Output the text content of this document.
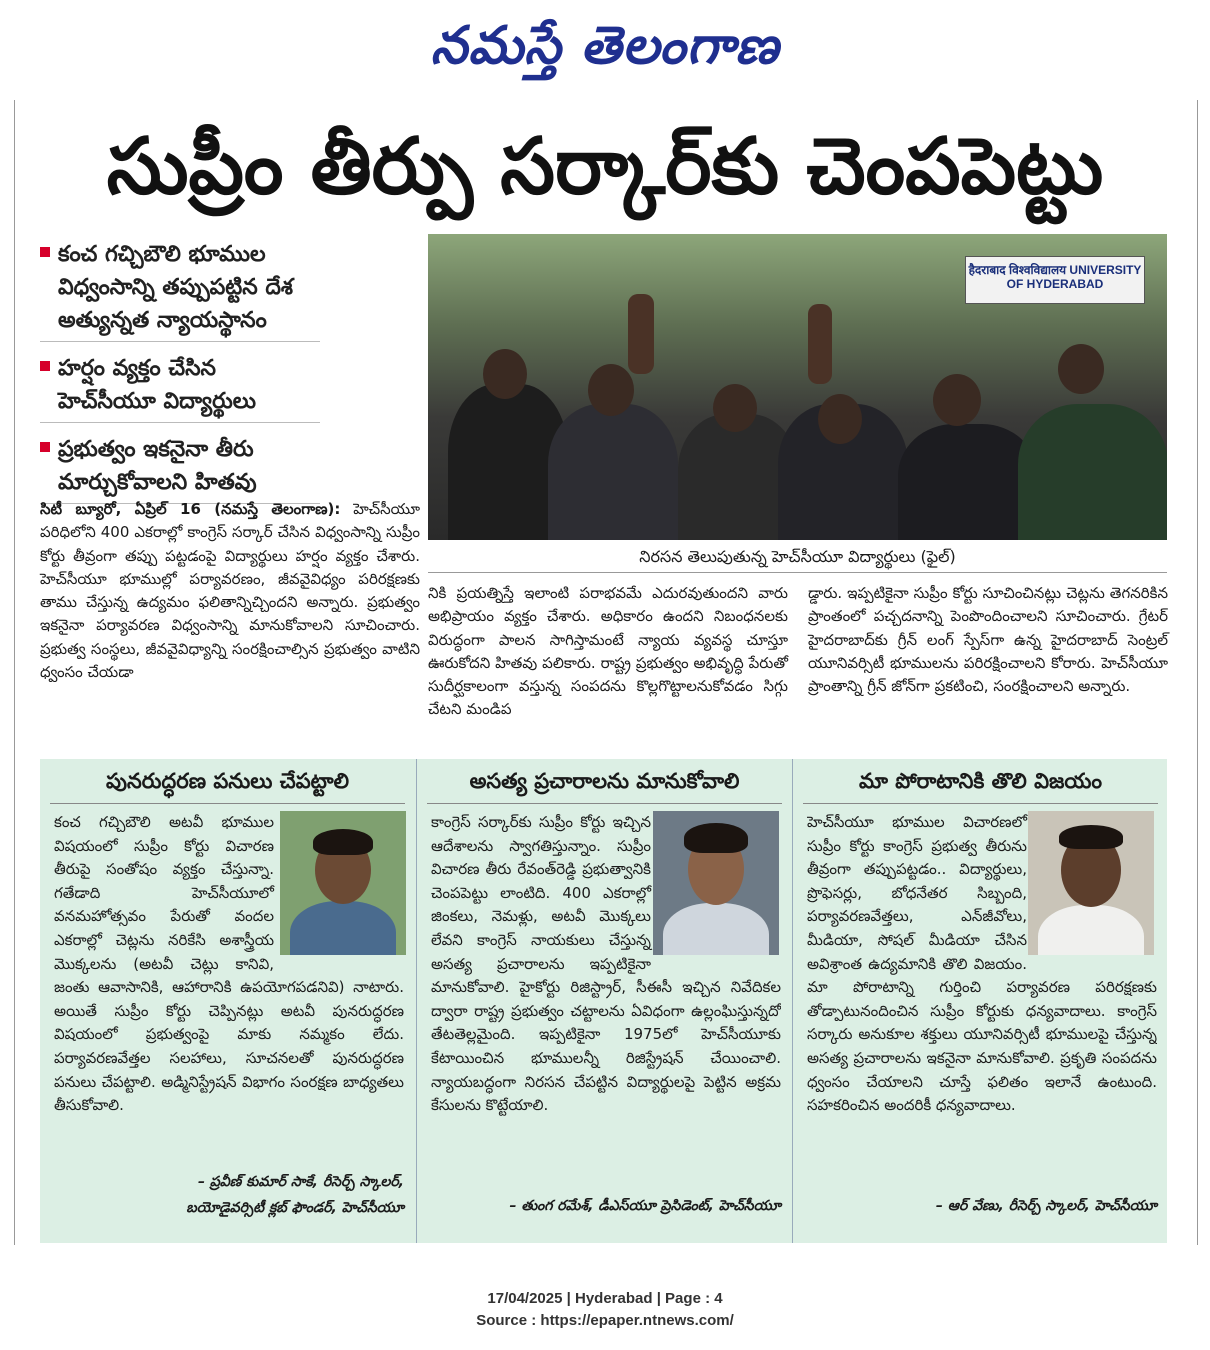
నమస్తే తెలంగాణ
సుప్రీం తీర్పు సర్కార్‌కు చెంపపెట్టు
కంచ గచ్చిబౌలి భూముల విధ్వంసాన్ని తప్పుపట్టిన దేశ అత్యున్నత న్యాయస్థానం
హర్షం వ్యక్తం చేసిన హెచ్‌సీయూ విద్యార్థులు
ప్రభుత్వం ఇకనైనా తీరు మార్చుకోవాలని హితవు
हैदराबाद विश्वविद्यालय UNIVERSITY OF HYDERABAD
నిరసన తెలుపుతున్న హెచ్‌సీయూ విద్యార్థులు (ఫైల్)
సిటీ బ్యూరో, ఏప్రిల్ 16 (నమస్తే తెలంగాణ): హెచ్‌సీయూ పరిధిలోని 400 ఎకరాల్లో కాంగ్రెస్ సర్కార్ చేసిన విధ్వంసాన్ని సుప్రీం కోర్టు తీవ్రంగా తప్పు పట్టడంపై విద్యార్థులు హర్షం వ్యక్తం చేశారు. హెచ్‌సీయూ భూముల్లో పర్యావరణం, జీవవైవిధ్యం పరిరక్షణకు తాము చేస్తున్న ఉద్యమం ఫలితాన్నిచ్చిందని అన్నారు. ప్రభుత్వం ఇకనైనా పర్యావరణ విధ్వంసాన్ని మానుకోవాలని సూచించారు. ప్రభుత్వ సంస్థలు, జీవవైవిధ్యాన్ని సంరక్షించాల్సిన ప్రభుత్వం వాటిని ధ్వంసం చేయడా
నికి ప్రయత్నిస్తే ఇలాంటి పరాభవమే ఎదురవుతుందని వారు అభిప్రాయం వ్యక్తం చేశారు. అధికారం ఉందని నిబంధనలకు విరుద్ధంగా పాలన సాగిస్తామంటే న్యాయ వ్యవస్థ చూస్తూ ఊరుకోదని హితవు పలికారు. రాష్ట్ర ప్రభుత్వం అభివృద్ధి పేరుతో సుదీర్ఘకాలంగా వస్తున్న సంపదను కొల్లగొట్టాలనుకోవడం సిగ్గు చేటని మండిప
డ్డారు. ఇప్పటికైనా సుప్రీం కోర్టు సూచించినట్లు చెట్లను తెగనరికిన ప్రాంతంలో పచ్చదనాన్ని పెంపొందించాలని సూచించారు. గ్రేటర్ హైదరాబాద్‌కు గ్రీన్ లంగ్ స్పేస్‌గా ఉన్న హైదరాబాద్ సెంట్రల్ యూనివర్సిటీ భూములను పరిరక్షించాలని కోరారు. హెచ్‌సీయూ ప్రాంతాన్ని గ్రీన్ జోన్‌గా ప్రకటించి, సంరక్షించాలని అన్నారు.
పునరుద్ధరణ పనులు చేపట్టాలి
కంచ గచ్చిబౌలి అటవీ భూముల విషయంలో సుప్రీం కోర్టు విచారణ తీరుపై సంతోషం వ్యక్తం చేస్తున్నా. గతేడాది హెచ్‌సీయూలో వనమహోత్సవం పేరుతో వందల ఎకరాల్లో చెట్లను నరికేసి అశాస్త్రీయ మొక్కలను (అటవీ చెట్లు కానివి, జంతు ఆవాసానికి, ఆహారానికి ఉపయోగపడనివి) నాటారు. అయితే సుప్రీం కోర్టు చెప్పినట్లు అటవీ పునరుద్ధరణ విషయంలో ప్రభుత్వంపై మాకు నమ్మకం లేదు. పర్యావరణవేత్తల సలహాలు, సూచనలతో పునరుద్ధరణ పనులు చేపట్టాలి. అడ్మినిస్ట్రేషన్ విభాగం సంరక్షణ బాధ్యతలు తీసుకోవాలి.
– ప్రవీణ్ కుమార్ సాకే, రీసెర్చ్ స్కాలర్,
బయోడైవర్సిటీ క్లబ్ ఫౌండర్, హెచ్‌సీయూ
అసత్య ప్రచారాలను మానుకోవాలి
కాంగ్రెస్ సర్కార్‌కు సుప్రీం కోర్టు ఇచ్చిన ఆదేశాలను స్వాగతిస్తున్నాం. సుప్రీం విచారణ తీరు రేవంత్‌రెడ్డి ప్రభుత్వానికి చెంపపెట్టు లాంటిది. 400 ఎకరాల్లో జింకలు, నెమళ్లు, అటవీ మొక్కలు లేవని కాంగ్రెస్ నాయకులు చేస్తున్న అసత్య ప్రచారాలను ఇప్పటికైనా మానుకోవాలి. హైకోర్టు రిజిస్ట్రార్, సీఈసీ ఇచ్చిన నివేదికల ద్వారా రాష్ట్ర ప్రభుత్వం చట్టాలను ఏవిధంగా ఉల్లంఘిస్తున్నదో తేటతెల్లమైంది. ఇప్పటికైనా 1975లో హెచ్‌సీయూకు కేటాయించిన భూములన్నీ రిజిస్ట్రేషన్ చేయించాలి. న్యాయబద్ధంగా నిరసన చేపట్టిన విద్యార్థులపై పెట్టిన అక్రమ కేసులను కొట్టేయాలి.
– తుంగ రమేశ్, డీఎస్‌యూ ప్రెసిడెంట్, హెచ్‌సీయూ
మా పోరాటానికి తొలి విజయం
హెచ్‌సీయూ భూముల విచారణలో సుప్రీం కోర్టు కాంగ్రెస్ ప్రభుత్వ తీరును తీవ్రంగా తప్పుపట్టడం.. విద్యార్థులు, ప్రొఫెసర్లు, బోధనేతర సిబ్బంది, పర్యావరణవేత్తలు, ఎన్‌జీవోలు, మీడియా, సోషల్ మీడియా చేసిన అవిశ్రాంత ఉద్యమానికి తొలి విజయం. మా పోరాటాన్ని గుర్తించి పర్యావరణ పరిరక్షణకు తోడ్పాటునందించిన సుప్రీం కోర్టుకు ధన్యవాదాలు. కాంగ్రెస్ సర్కారు అనుకూల శక్తులు యూనివర్సిటీ భూములపై చేస్తున్న అసత్య ప్రచారాలను ఇకనైనా మానుకోవాలి. ప్రకృతి సంపదను ధ్వంసం చేయాలని చూస్తే ఫలితం ఇలానే ఉంటుంది. సహకరించిన అందరికీ ధన్యవాదాలు.
– ఆర్ వేణు, రీసెర్చ్ స్కాలర్, హెచ్‌సీయూ
17/04/2025 | Hyderabad | Page : 4
Source : https://epaper.ntnews.com/
